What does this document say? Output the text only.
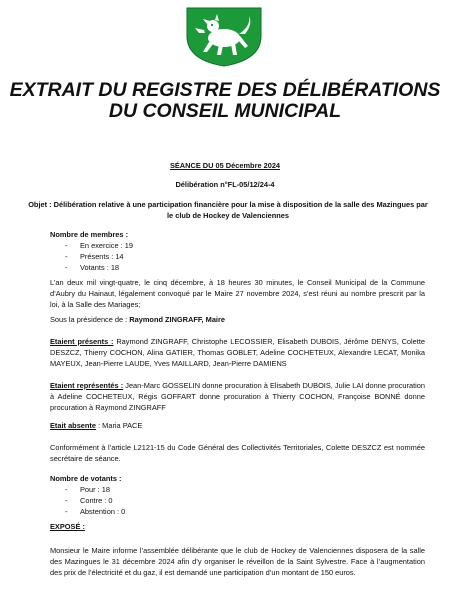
EXTRAIT DU REGISTRE DES DÉLIBÉRATIONS
DU CONSEIL MUNICIPAL
SÉANCE DU 05 Décembre 2024
Délibération n°FL-05/12/24-4
Objet : Délibération relative à une participation financière pour la mise à disposition de la salle des Mazingues par le club de Hockey de Valenciennes
Nombre de membres :
- En exercice : 19
- Présents : 14
- Votants : 18
L’an deux mil vingt-quatre, le cinq décembre, à 18 heures 30 minutes, le Conseil Municipal de la Commune d’Aubry du Hainaut, légalement convoqué par le Maire 27 novembre 2024, s’est réuni au nombre prescrit par la loi, à la Salle des Mariages;
Sous la présidence de : Raymond ZINGRAFF, Maire
Etaient présents : Raymond ZINGRAFF, Christophe LECOSSIER, Elisabeth DUBOIS, Jérôme DENYS, Colette DESZCZ, Thierry COCHON, Alina GATIER, Thomas GOBLET, Adeline COCHETEUX, Alexandre LECAT, Monika MAYEUX, Jean-Pierre LAUDE, Yves MAILLARD, Jean-Pierre DAMIENS
Etaient représentés : Jean-Marc GOSSELIN donne procuration à Elisabeth DUBOIS, Julie LAI donne procuration à Adeline COCHETEUX, Régis GOFFART donne procuration à Thierry COCHON, Françoise BONNÉ donne procuration à Raymond ZINGRAFF
Etait absente : Maria PACE
Conformément à l’article L2121-15 du Code Général des Collectivités Territoriales, Colette DESZCZ est nommée secrétaire de séance.
Nombre de votants :
- Pour : 18
- Contre : 0
- Abstention : 0
EXPOSÉ :
Monsieur le Maire informe l’assemblée délibérante que le club de Hockey de Valenciennes disposera de la salle des Mazingues le 31 décembre 2024 afin d’y organiser le réveillon de la Saint Sylvestre. Face à l’augmentation des prix de l’électricité et du gaz, il est demandé une participation d’un montant de 150 euros.
